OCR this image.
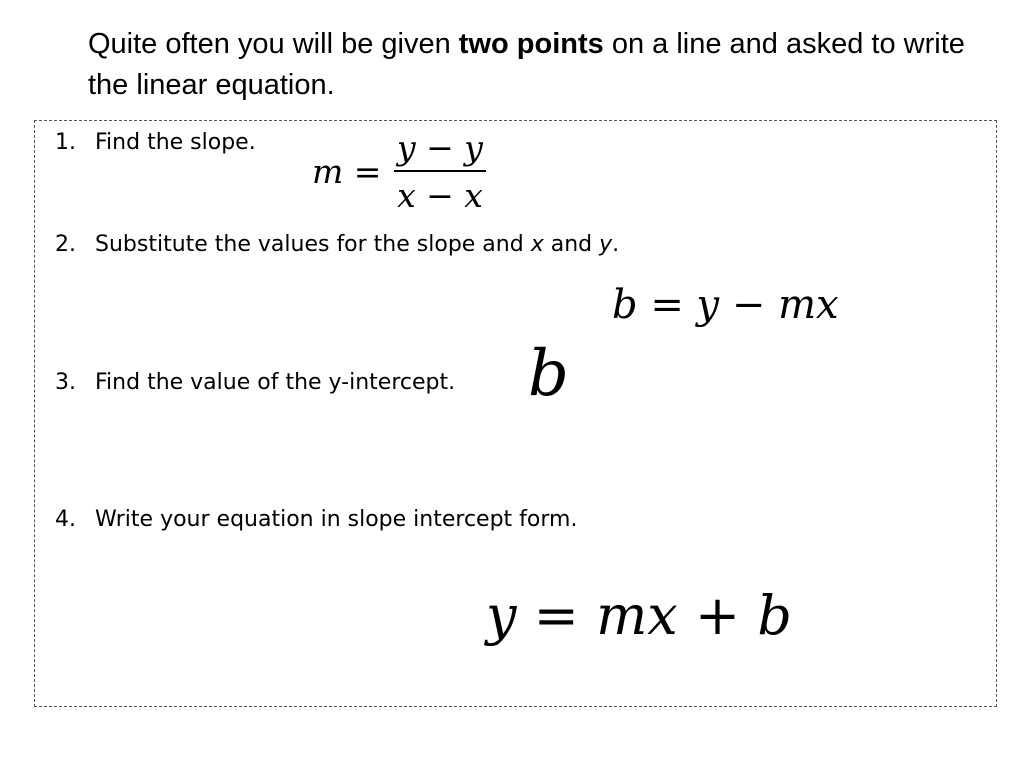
Quite often you will be given two points on a line and asked to write the linear equation.

1. Find the slope.
m =
y − y
x − x
2. Substitute the values for the slope and x and y.
b = y − mx
3. Find the value of the y-intercept. b
4. Write your equation in slope intercept form.
y = mx + b
